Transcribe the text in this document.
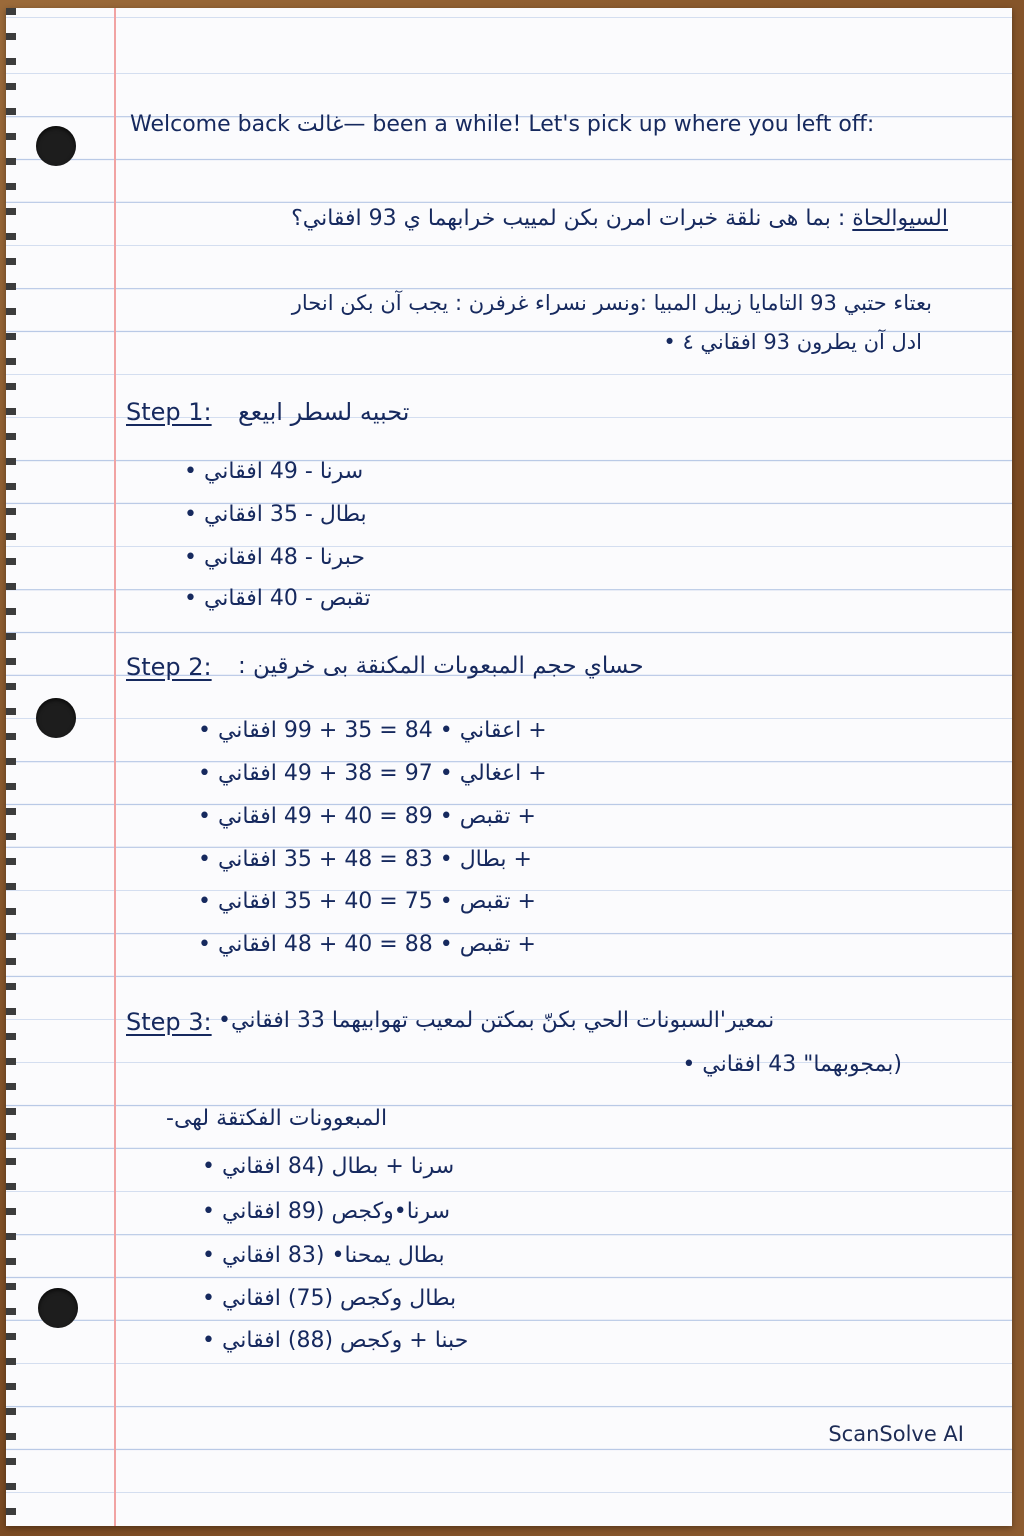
Welcome back غالت— been a while! Let's pick up where you left off:
السيوالحاة : بما هى نلقة خبرات امرن بكن لمييب خرابهما ي 93 افقاني؟
بعتاء حتبي 93 التامايا زيبل المبيا :ونسر نسراء غرفرن : يجب آن بكن انحار
ادل آن يطرون 93 افقاني ٤ •
Step 1: تحبيه لسطر ابيعع
سرنا - 49 افقاني •
بطال - 35 افقاني •
حبرنا - 48 افقاني •
تقبص - 40 افقاني •
Step 2: حساي حجم المبعوىات المكنقة بى خرقين :
+ اعقاني • 84 = 35 + 99 افقاني •
+ اعغالي • 97 = 38 + 49 افقاني •
+ تقبص • 89 = 40 + 49 افقاني •
+ بطال • 83 = 48 + 35 افقاني •
+ تقبص • 75 = 40 + 35 افقاني •
+ تقبص • 88 = 40 + 48 افقاني •
Step 3: نمعير'السبونات الحي بكنّ بمكتن لمعيب تهوابيهما 33 افقاني•
(بمجوبهما" 43 افقاني •
المبعوونات الفكتقة لهى-
سرنا + بطال (84 افقاني •
سرنا•وكجص (89 افقاني •
بطال يمحنا• (83 افقاني •
بطال وكجص (75) افقاني •
حبنا + وكجص (88) افقاني •
ScanSolve AI
